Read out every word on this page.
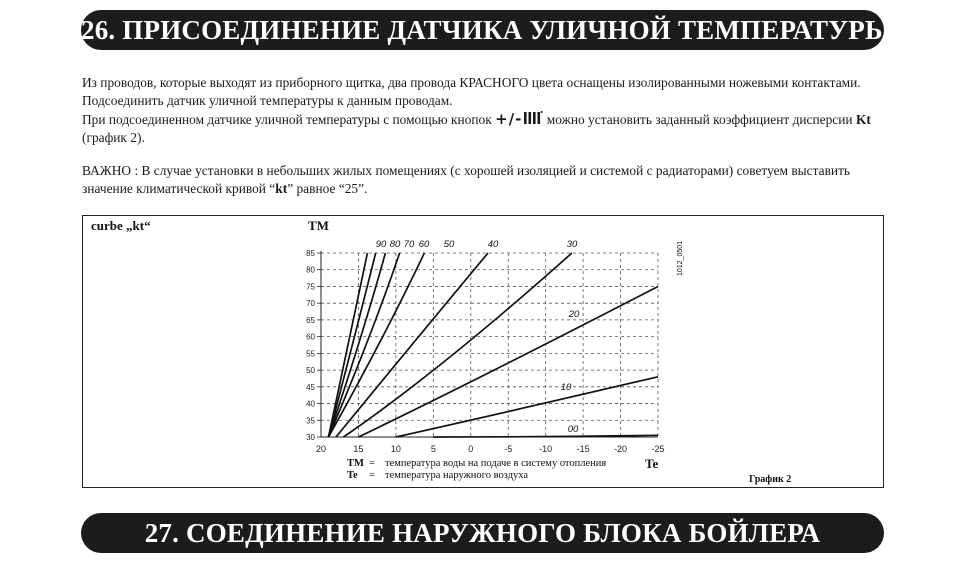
26. ПРИСОЕДИНЕНИЕ ДАТЧИКА УЛИЧНОЙ ТЕМПЕРАТУРЫ
Из проводов, которые выходят из приборного щитка, два провода КРАСНОГО цвета оснащены изолированными ножевыми контактами. Подсоединить датчик уличной температуры к данным проводам.
При подсоединенном датчике уличной температуры с помощью кнопок +/- можно установить заданный коэффициент дисперсии Kt (график 2).
ВАЖНО : В случае установки в небольших жилых помещениях (с хорошей изоляцией и системой с радиаторами) советуем выставить значение климатической кривой “kt” равное “25”.
20	15	10	5	0	-5	-10	-15	-20	-25
30
35
40
45
50
55
60
65
70
75
80
85
90 80 70 60 50	40	30
20
10
00
curbe „kt“	TM
Te
1012_0501
График 2
TM = температура воды на подаче в систему отопления
Te = температура наружного воздуха
27. СОЕДИНЕНИЕ НАРУЖНОГО БЛОКА БОЙЛЕРА
